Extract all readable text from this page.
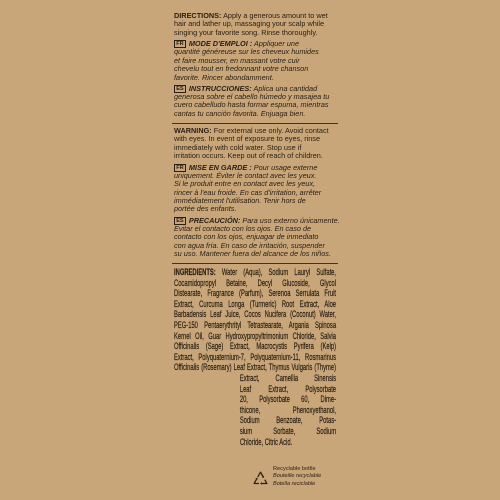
DIRECTIONS: Apply a generous amount to wet
hair and lather up, massaging your scalp while
singing your favorite song. Rinse thoroughly.
FR MODE D'EMPLOI : Appliquer une
quantité généreuse sur les cheveux humides
et faire mousser, en massant votre cuir
chevelu tout en fredonnant votre chanson
favorite. Rincer abondamment.
ES INSTRUCCIONES: Aplica una cantidad
generosa sobre el cabello húmedo y masajea tu
cuero cabelludo hasta formar espuma, mientras
cantas tu canción favorita. Enjuaga bien.
WARNING: For external use only. Avoid contact
with eyes. In event of exposure to eyes, rinse
immediately with cold water. Stop use if
irritation occurs. Keep out of reach of children.
FR MISE EN GARDE : Pour usage externe
uniquement. Éviter le contact avec les yeux.
Si le produit entre en contact avec les yeux,
rincer à l'eau froide. En cas d'irritation, arrêter
immédiatement l'utilisation. Tenir hors de
portée des enfants.
ES PRECAUCIÓN: Para uso externo únicamente.
Evitar el contacto con los ojos. En caso de
contacto con los ojos, enjuagar de inmediato
con agua fría. En caso de irritación, suspender
su uso. Mantener fuera del alcance de los niños.
INGREDIENTS: Water (Aqua), Sodium Lauryl Sulfate,
Cocamidopropyl Betaine, Decyl Glucoside, Glycol
Distearate, Fragrance (Parfum), Serenoa Serrulata Fruit
Extract, Curcuma Longa (Turmeric) Root Extract, Aloe
Barbadensis Leaf Juice, Cocos Nucifera (Coconut) Water,
PEG-150 Pentaerythrityl Tetrastearate, Argania Spinosa
Kernel Oil, Guar Hydroxypropyltrimonium Chloride, Salvia
Officinalis (Sage) Extract, Macrocystis Pyrifera (Kelp)
Extract, Polyquaternium-7, Polyquaternium-11, Rosmarinus
Officinalis (Rosemary) Leaf Extract, Thymus Vulgaris (Thyme)
Extract, Camellia Sinensis
Leaf Extract, Polysorbate
20, Polysorbate 60, Dime-
thicone, Phenoxyethanol,
Sodium Benzoate, Potas-
sium Sorbate, Sodium
Chloride, Citric Acid.
Recyclable bottle
Bouteille recyclable
Botella reciclable
